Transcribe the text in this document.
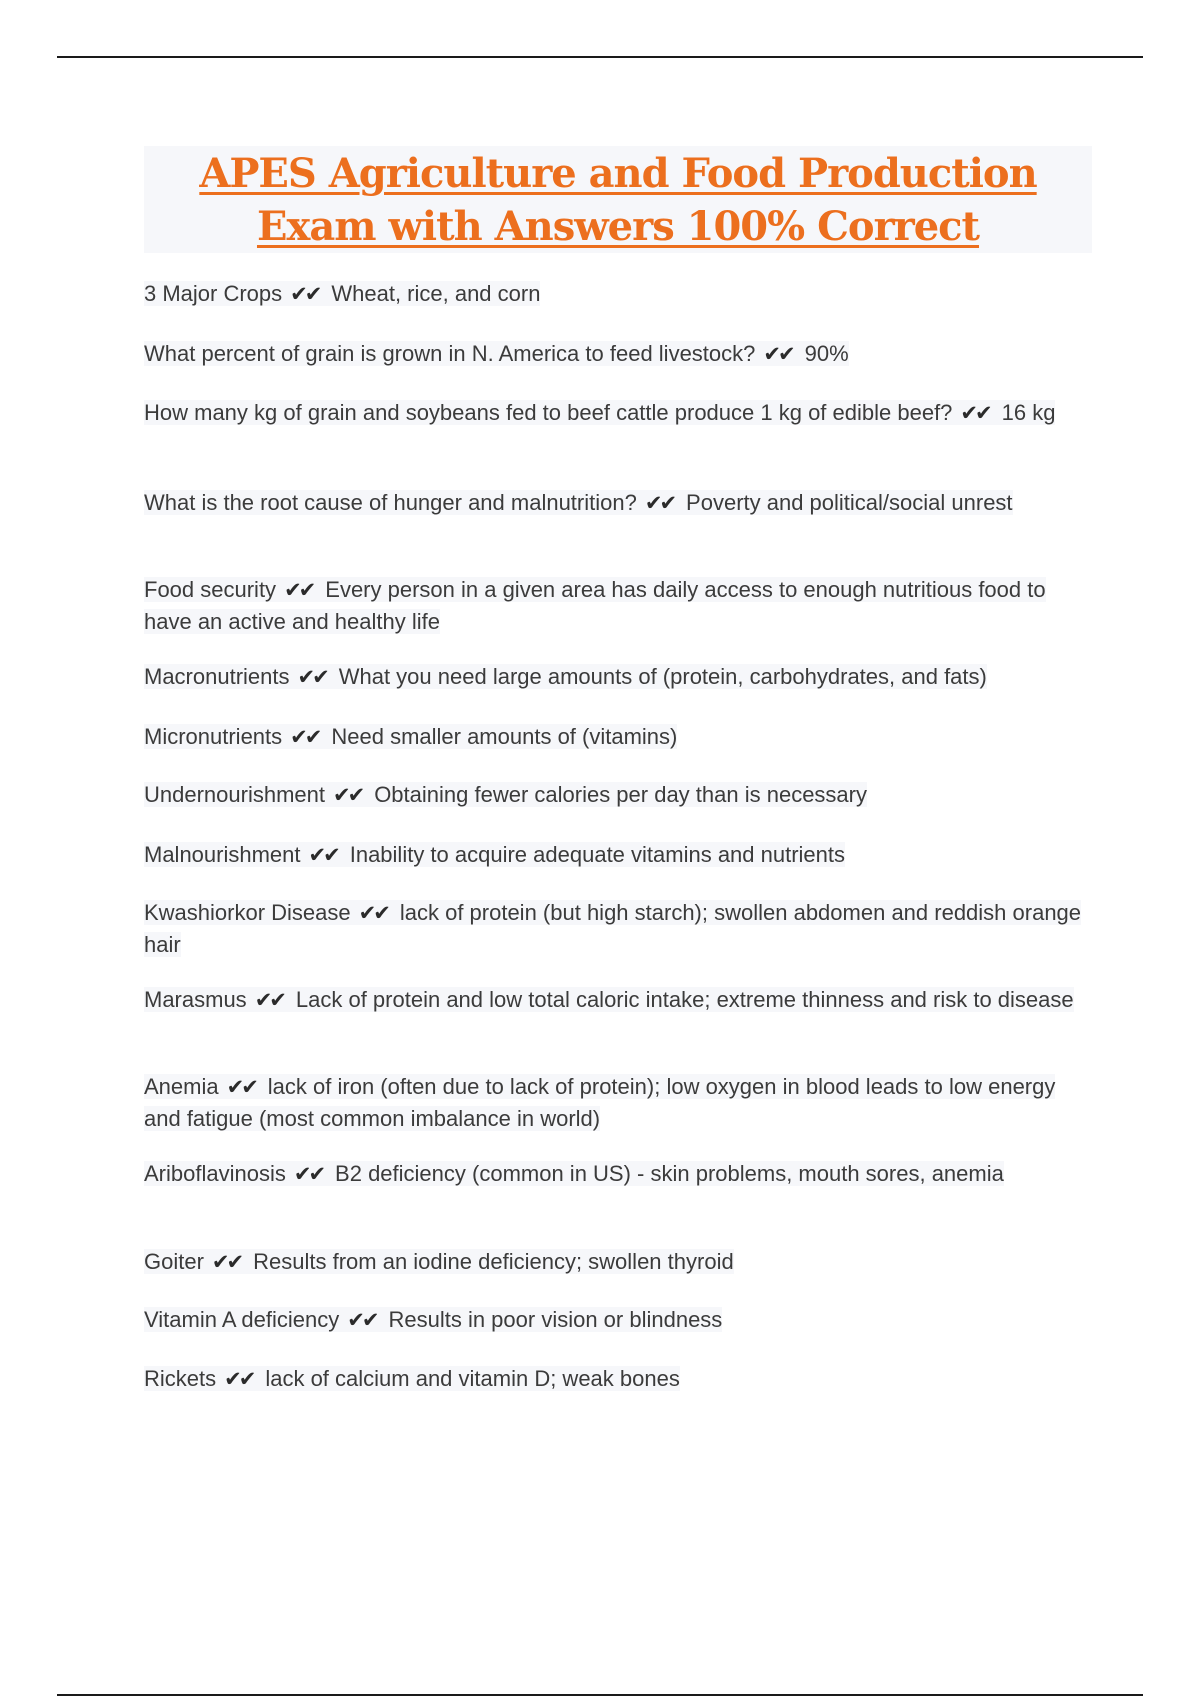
APES Agriculture and Food Production
Exam with Answers 100% Correct
3 Major Crops ✔✔ Wheat, rice, and corn
What percent of grain is grown in N. America to feed livestock? ✔✔ 90%
How many kg of grain and soybeans fed to beef cattle produce 1 kg of edible beef? ✔✔ 16 kg
What is the root cause of hunger and malnutrition? ✔✔ Poverty and political/social unrest
Food security ✔✔ Every person in a given area has daily access to enough nutritious food to have an active and healthy life
Macronutrients ✔✔ What you need large amounts of (protein, carbohydrates, and fats)
Micronutrients ✔✔ Need smaller amounts of (vitamins)
Undernourishment ✔✔ Obtaining fewer calories per day than is necessary
Malnourishment ✔✔ Inability to acquire adequate vitamins and nutrients
Kwashiorkor Disease ✔✔ lack of protein (but high starch); swollen abdomen and reddish orange hair
Marasmus ✔✔ Lack of protein and low total caloric intake; extreme thinness and risk to disease
Anemia ✔✔ lack of iron (often due to lack of protein); low oxygen in blood leads to low energy and fatigue (most common imbalance in world)
Ariboflavinosis ✔✔ B2 deficiency (common in US) - skin problems, mouth sores, anemia
Goiter ✔✔ Results from an iodine deficiency; swollen thyroid
Vitamin A deficiency ✔✔ Results in poor vision or blindness
Rickets ✔✔ lack of calcium and vitamin D; weak bones
